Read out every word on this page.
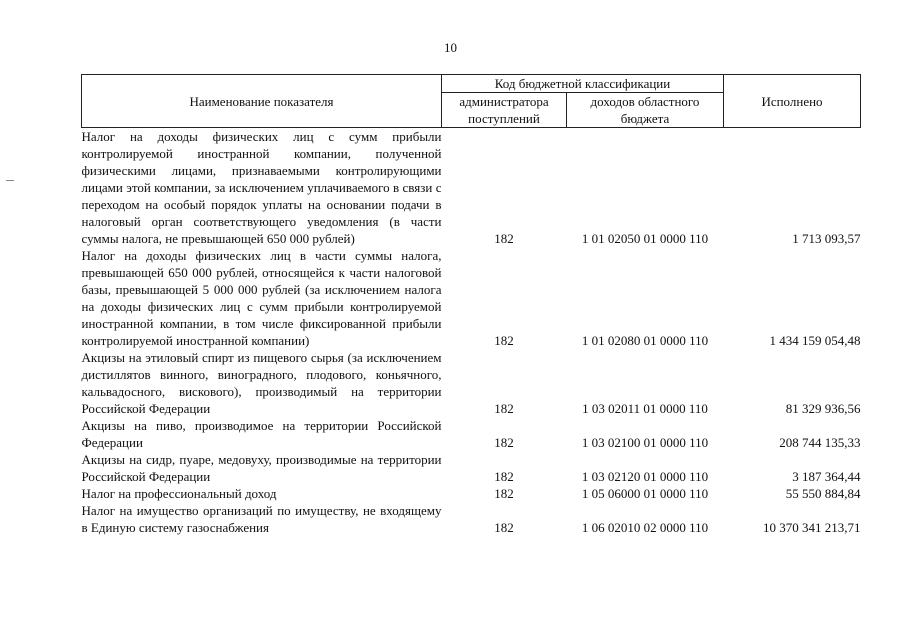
10
Наименование показателя	Код бюджетной классификации		Исполнено
	администратора поступлений	доходов областного бюджета	
Налог на доходы физических лиц с сумм прибыли контролируемой иностранной компании, полученной физическими лицами, признаваемыми контролирующими лицами этой компании, за исключением уплачиваемого в связи с переходом на особый порядок уплаты на основании подачи в налоговый орган соответствующего уведомления (в части суммы налога, не превышающей 650 000 рублей)	182	1 01 02050 01 0000 110	1 713 093,57
Налог на доходы физических лиц в части суммы налога, превышающей 650 000 рублей, относящейся к части налоговой базы, превышающей 5 000 000 рублей (за исключением налога на доходы физических лиц с сумм прибыли контролируемой иностранной компании, в том числе фиксированной прибыли контролируемой иностранной компании)	182	1 01 02080 01 0000 110	1 434 159 054,48
Акцизы на этиловый спирт из пищевого сырья (за исключением дистиллятов винного, виноградного, плодового, коньячного, кальвадосного, вискового), производимый на территории Российской Федерации	182	1 03 02011 01 0000 110	81 329 936,56
Акцизы на пиво, производимое на территории Российской Федерации	182	1 03 02100 01 0000 110	208 744 135,33
Акцизы на сидр, пуаре, медовуху, производимые на территории Российской Федерации	182	1 03 02120 01 0000 110	3 187 364,44
Налог на профессиональный доход	182	1 05 06000 01 0000 110	55 550 884,84
Налог на имущество организаций по имуществу, не входящему в Единую систему газоснабжения	182	1 06 02010 02 0000 110	10 370 341 213,71
